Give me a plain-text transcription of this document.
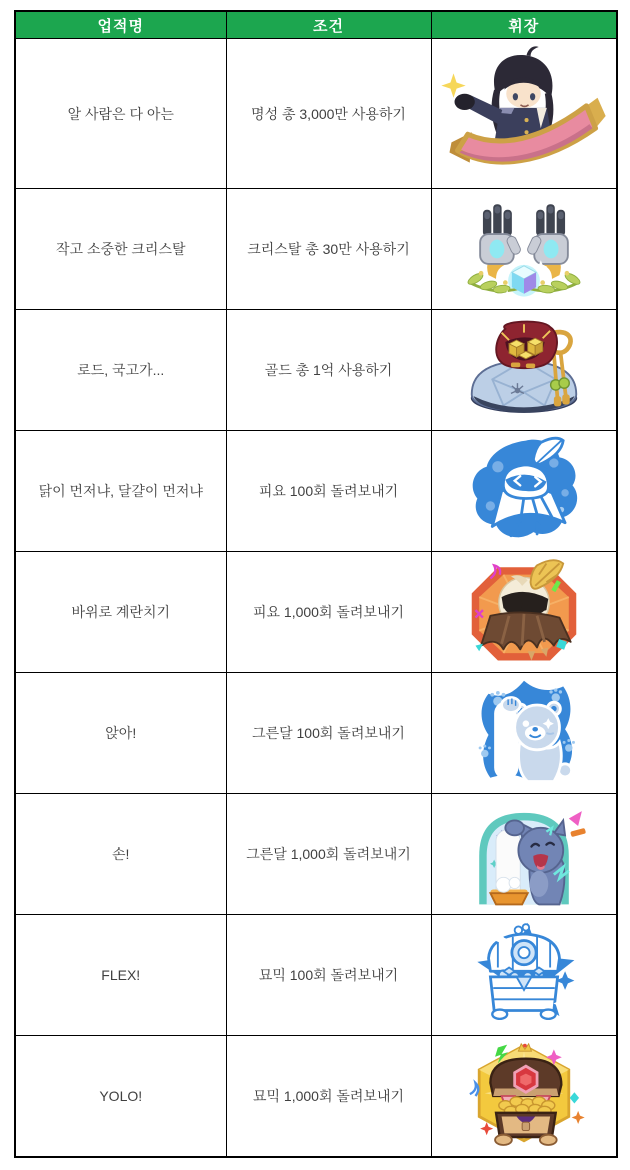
업적명	조건	휘장
알 사람은 다 아는	명성 총 3,000만 사용하기	

작고 소중한 크리스탈	크리스탈 총 30만 사용하기	

로드, 국고가...	골드 총 1억 사용하기	

닭이 먼저냐, 달걀이 먼저냐	피요 100회 돌려보내기	

바위로 계란치기	피요 1,000회 돌려보내기	

앉아!	그른달 100회 돌려보내기	

손!	그른달 1,000회 돌려보내기	

FLEX!	묘믹 100회 돌려보내기	

YOLO!	묘믹 1,000회 돌려보내기	
